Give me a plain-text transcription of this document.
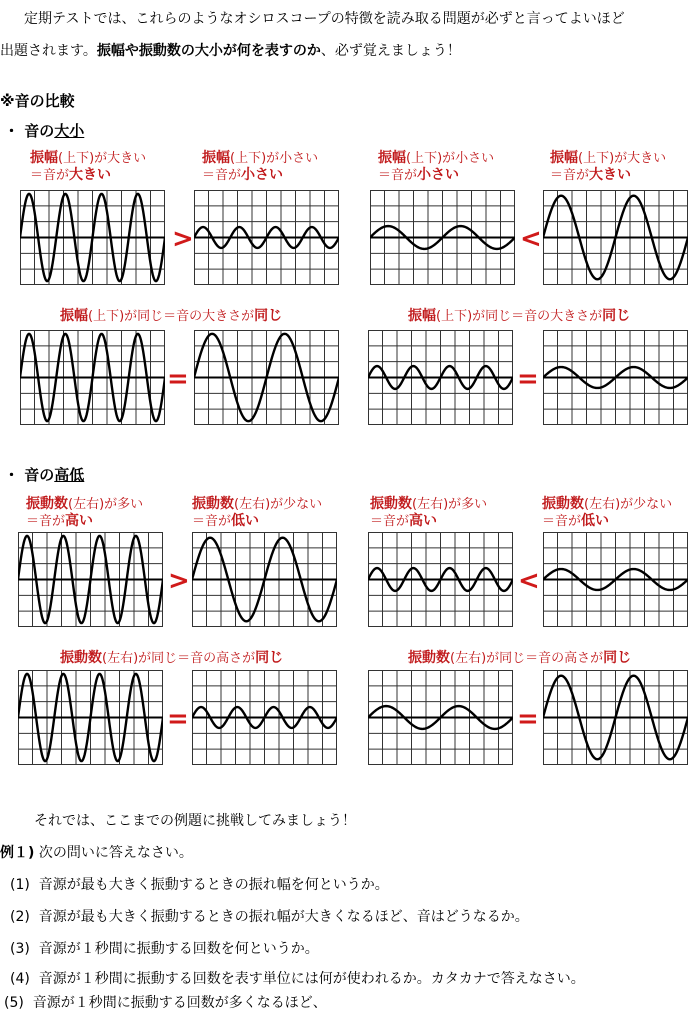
定期テストでは、これらのようなオシロスコープの特徴を読み取る問題が必ずと言ってよいほど
出題されます。振幅や振動数の大小が何を表すのか、必ず覚えましょう！
※音の比較
・ 音の大小
振幅(上下)が大きい
＝音が大きい
振幅(上下)が小さい
＝音が小さい
振幅(上下)が小さい
＝音が小さい
振幅(上下)が大きい
＝音が大きい
>	<
振幅(上下)が同じ＝音の大きさが同じ	振幅(上下)が同じ＝音の大きさが同じ
=	=
・ 音の高低
振動数(左右)が多い
＝音が高い
振動数(左右)が少ない
＝音が低い
振動数(左右)が多い
＝音が高い
振動数(左右)が少ない
＝音が低い
>	<
振動数(左右)が同じ＝音の高さが同じ	振動数(左右)が同じ＝音の高さが同じ
=	=
それでは、ここまでの例題に挑戦してみましょう！
例１) 次の問いに答えなさい。
(1) 音源が最も大きく振動するときの振れ幅を何というか。
(2) 音源が最も大きく振動するときの振れ幅が大きくなるほど、音はどうなるか。
(3) 音源が１秒間に振動する回数を何というか。
(4) 音源が１秒間に振動する回数を表す単位には何が使われるか。カタカナで答えなさい。
(5) 音源が１秒間に振動する回数が多くなるほど、
